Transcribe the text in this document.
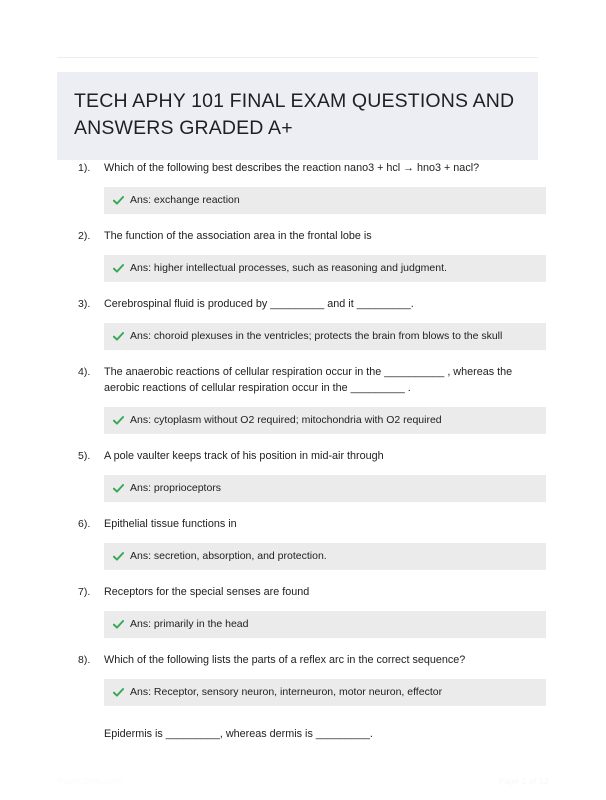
TECH APHY 101 FINAL EXAM QUESTIONS AND ANSWERS GRADED A+
1).	Which of the following best describes the reaction nano3 + hcl → hno3 + nacl?
Ans: exchange reaction
2).	The function of the association area in the frontal lobe is
Ans: higher intellectual processes, such as reasoning and judgment.
3).	Cerebrospinal fluid is produced by _________ and it _________.
Ans: choroid plexuses in the ventricles; protects the brain from blows to the skull
4).	The anaerobic reactions of cellular respiration occur in the __________ , whereas the aerobic reactions of cellular respiration occur in the _________ .
Ans: cytoplasm without O2 required; mitochondria with O2 required
5).	A pole vaulter keeps track of his position in mid-air through
Ans: proprioceptors
6).	Epithelial tissue functions in
Ans: secretion, absorption, and protection.
7).	Receptors for the special senses are found
Ans: primarily in the head
8).	Which of the following lists the parts of a reflex arc in the correct sequence?
Ans: Receptor, sensory neuron, interneuron, motor neuron, effector
Epidermis is _________, whereas dermis is _________.
PaperStilic.com	Page 1 of 12
